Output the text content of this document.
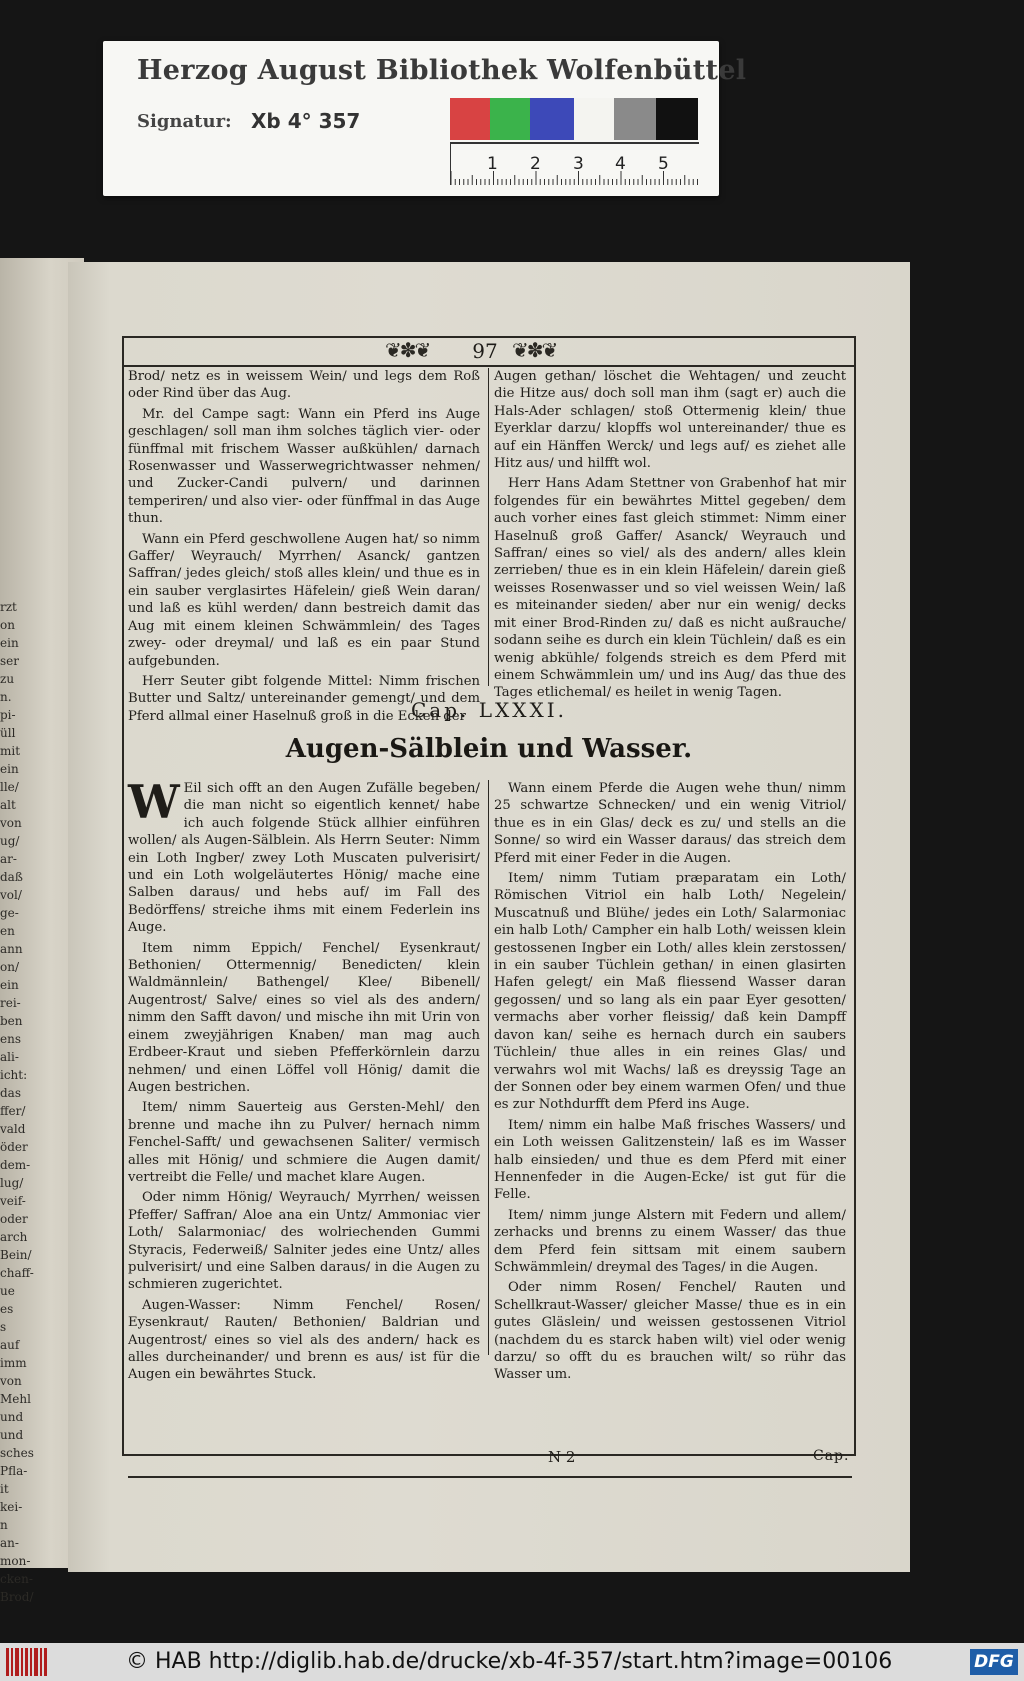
Herzog August Bibliothek Wolfenbüttel
Signatur: Xb 4° 357
1 2 3 4 5
rzt
on
ein
ser
zu
n.
pi-
üll
mit
ein
lle/
alt
von
ug/
ar-
daß
vol/
ge-
en
ann
on/
ein
rei-
ben
ens
ali-
icht:
das
ffer/
vald
öder
dem-
lug/
veif-
oder
arch
Bein/
chaff-
ue es
s auf
imm
von
Mehl
und
und
sches
Pfla-
it kei-
n an-
mon-
cken-
Brod/
❦✽❦ 97 ❦✽❦

Brod/ netz es in weissem Wein/ und legs dem Roß oder Rind über das Aug.

Mr. del Campe sagt: Wann ein Pferd ins Auge geschlagen/ soll man ihm solches täglich vier- oder fünffmal mit frischem Wasser außkühlen/ darnach Rosenwasser und Wasserwegrichtwasser nehmen/ und Zucker-Candi pulvern/ und darinnen temperiren/ und also vier- oder fünffmal in das Auge thun.

Wann ein Pferd geschwollene Augen hat/ so nimm Gaffer/ Weyrauch/ Myrrhen/ Asanck/ gantzen Saffran/ jedes gleich/ stoß alles klein/ und thue es in ein sauber verglasirtes Häfelein/ gieß Wein daran/ und laß es kühl werden/ dann bestreich damit das Aug mit einem kleinen Schwämmlein/ des Tages zwey- oder dreymal/ und laß es ein paar Stund aufgebunden.

Herr Seuter gibt folgende Mittel: Nimm frischen Butter und Saltz/ untereinander gemengt/ und dem Pferd allmal einer Haselnuß groß in die Ecken der

Augen gethan/ löschet die Wehtagen/ und zeucht die Hitze aus/ doch soll man ihm (sagt er) auch die Hals-Ader schlagen/ stoß Ottermenig klein/ thue Eyerklar darzu/ klopffs wol untereinander/ thue es auf ein Hänffen Werck/ und legs auf/ es ziehet alle Hitz aus/ und hilfft wol.

Herr Hans Adam Stettner von Grabenhof hat mir folgendes für ein bewährtes Mittel gegeben/ dem auch vorher eines fast gleich stimmet: Nimm einer Haselnuß groß Gaffer/ Asanck/ Weyrauch und Saffran/ eines so viel/ als des andern/ alles klein zerrieben/ thue es in ein klein Häfelein/ darein gieß weisses Rosenwasser und so viel weissen Wein/ laß es miteinander sieden/ aber nur ein wenig/ decks mit einer Brod-Rinden zu/ daß es nicht außrauche/ sodann seihe es durch ein klein Tüchlein/ daß es ein wenig abkühle/ folgends streich es dem Pferd mit einem Schwämmlein um/ und ins Aug/ das thue des Tages etlichemal/ es heilet in wenig Tagen.

Cap. LXXXI.
Augen-Sälblein und Wasser.
W Eil sich offt an den Augen Zufälle begeben/ die man nicht so eigentlich kennet/ habe ich auch folgende Stück allhier einführen wollen/ als Augen-Sälblein. Als Herrn Seuter: Nimm ein Loth Ingber/ zwey Loth Muscaten pulverisirt/ und ein Loth wolgeläutertes Hönig/ mache eine Salben daraus/ und hebs auf/ im Fall des Bedörffens/ streiche ihms mit einem Federlein ins Auge.

Item nimm Eppich/ Fenchel/ Eysenkraut/ Bethonien/ Ottermennig/ Benedicten/ klein Waldmännlein/ Bathengel/ Klee/ Bibenell/ Augentrost/ Salve/ eines so viel als des andern/ nimm den Safft davon/ und mische ihn mit Urin von einem zweyjährigen Knaben/ man mag auch Erdbeer-Kraut und sieben Pfefferkörnlein darzu nehmen/ und einen Löffel voll Hönig/ damit die Augen bestrichen.

Item/ nimm Sauerteig aus Gersten-Mehl/ den brenne und mache ihn zu Pulver/ hernach nimm Fenchel-Safft/ und gewachsenen Saliter/ vermisch alles mit Hönig/ und schmiere die Augen damit/ vertreibt die Felle/ und machet klare Augen.

Oder nimm Hönig/ Weyrauch/ Myrrhen/ weissen Pfeffer/ Saffran/ Aloe ana ein Untz/ Ammoniac vier Loth/ Salarmoniac/ des wolriechenden Gummi Styracis, Federweiß/ Salniter jedes eine Untz/ alles pulverisirt/ und eine Salben daraus/ in die Augen zu schmieren zugerichtet.

Augen-Wasser: Nimm Fenchel/ Rosen/ Eysenkraut/ Rauten/ Bethonien/ Baldrian und Augentrost/ eines so viel als des andern/ hack es alles durcheinander/ und brenn es aus/ ist für die Augen ein bewährtes Stuck.

Wann einem Pferde die Augen wehe thun/ nimm 25 schwartze Schnecken/ und ein wenig Vitriol/ thue es in ein Glas/ deck es zu/ und stells an die Sonne/ so wird ein Wasser daraus/ das streich dem Pferd mit einer Feder in die Augen.

Item/ nimm Tutiam præparatam ein Loth/ Römischen Vitriol ein halb Loth/ Negelein/ Muscatnuß und Blühe/ jedes ein Loth/ Salarmoniac ein halb Loth/ Campher ein halb Loth/ weissen klein gestossenen Ingber ein Loth/ alles klein zerstossen/ in ein sauber Tüchlein gethan/ in einen glasirten Hafen gelegt/ ein Maß fliessend Wasser daran gegossen/ und so lang als ein paar Eyer gesotten/ vermachs aber vorher fleissig/ daß kein Dampff davon kan/ seihe es hernach durch ein saubers Tüchlein/ thue alles in ein reines Glas/ und verwahrs wol mit Wachs/ laß es dreyssig Tage an der Sonnen oder bey einem warmen Ofen/ und thue es zur Nothdurfft dem Pferd ins Auge.

Item/ nimm ein halbe Maß frisches Wassers/ und ein Loth weissen Galitzenstein/ laß es im Wasser halb einsieden/ und thue es dem Pferd mit einer Hennenfeder in die Augen-Ecke/ ist gut für die Felle.

Item/ nimm junge Alstern mit Federn und allem/ zerhacks und brenns zu einem Wasser/ das thue dem Pferd fein sittsam mit einem saubern Schwämmlein/ dreymal des Tages/ in die Augen.

Oder nimm Rosen/ Fenchel/ Rauten und Schellkraut-Wasser/ gleicher Masse/ thue es in ein gutes Gläslein/ und weissen gestossenen Vitriol (nachdem du es starck haben wilt) viel oder wenig darzu/ so offt du es brauchen wilt/ so rühr das Wasser um.

N 2	Cap.
© HAB http://diglib.hab.de/drucke/xb-4f-357/start.htm?image=00106	DFG
